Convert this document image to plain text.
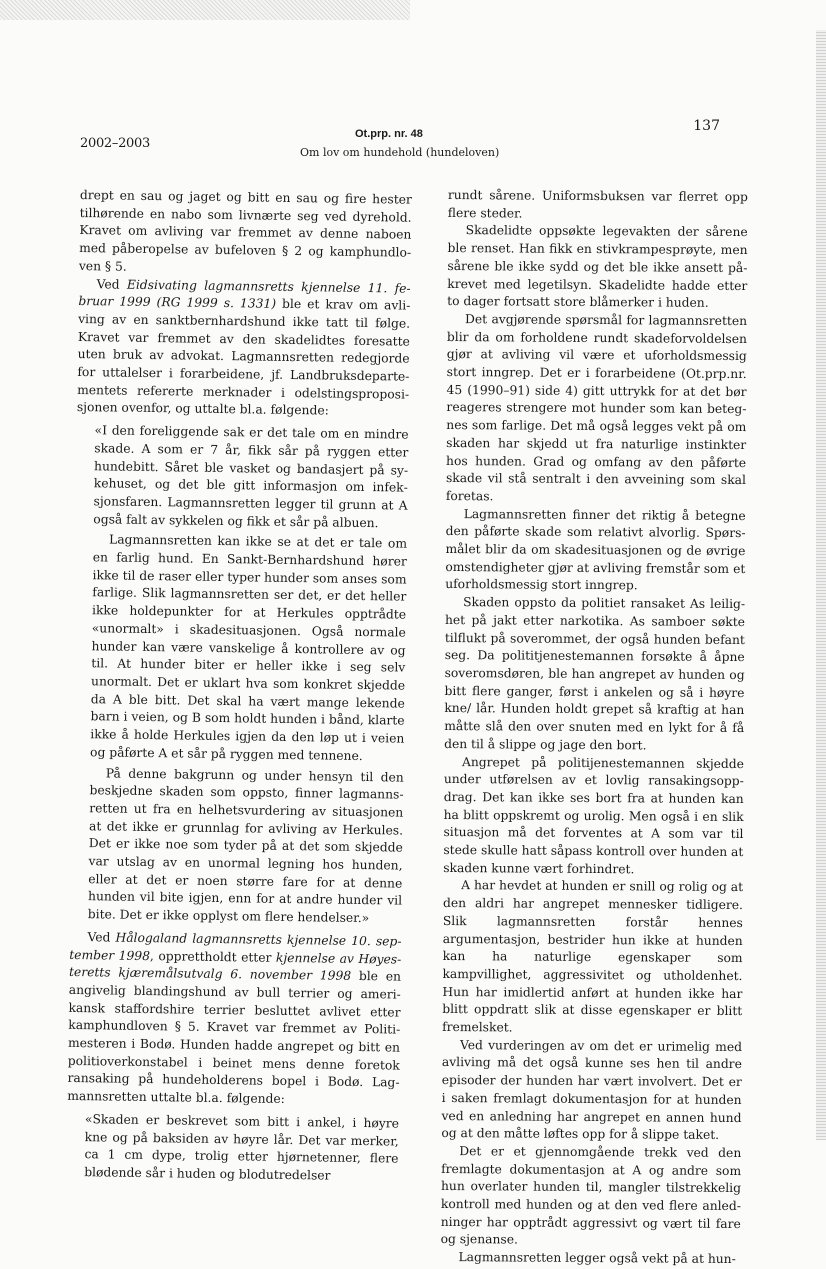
2002–2003
Ot.prp. nr. 48
Om lov om hundehold (hundeloven)
137

drept en sau og jaget og bitt en sau og fire hester tilhørende en nabo som livnærte seg ved dyrehold. Kravet om avliving var fremmet av denne naboen med påberopelse av bufeloven § 2 og kamphundloven § 5.

Ved Eidsivating lagmannsretts kjennelse 11. februar 1999 (RG 1999 s. 1331) ble et krav om avliving av en sanktbernhardshund ikke tatt til følge. Kravet var fremmet av den skadelidtes foresatte uten bruk av advokat. Lagmannsretten redegjorde for uttalelser i forarbeidene, jf. Landbruksdepartementets refererte merknader i odelstingsproposisjonen ovenfor, og uttalte bl.a. følgende:

«I den foreliggende sak er det tale om en mindre skade. A som er 7 år, fikk sår på ryggen etter hundebitt. Såret ble vasket og bandasjert på sykehuset, og det ble gitt informasjon om infeksjonsfaren. Lagmannsretten legger til grunn at A også falt av sykkelen og fikk et sår på albuen.

Lagmannsretten kan ikke se at det er tale om en farlig hund. En Sankt-Bernhardshund hører ikke til de raser eller typer hunder som anses som farlige. Slik lagmannsretten ser det, er det heller ikke holdepunkter for at Herkules opptrådte «unormalt» i skadesituasjonen. Også normale hunder kan være vanskelige å kontrollere av og til. At hunder biter er heller ikke i seg selv unormalt. Det er uklart hva som konkret skjedde da A ble bitt. Det skal ha vært mange lekende barn i veien, og B som holdt hunden i bånd, klarte ikke å holde Herkules igjen da den løp ut i veien og påførte A et sår på ryggen med tennene.

På denne bakgrunn og under hensyn til den beskjedne skaden som oppsto, finner lagmannsretten ut fra en helhetsvurdering av situasjonen at det ikke er grunnlag for avliving av Herkules. Det er ikke noe som tyder på at det som skjedde var utslag av en unormal legning hos hunden, eller at det er noen større fare for at denne hunden vil bite igjen, enn for at andre hunder vil bite. Det er ikke opplyst om flere hendelser.»

Ved Hålogaland lagmannsretts kjennelse 10. september 1998, opprettholdt etter kjennelse av Høyesteretts kjæremålsutvalg 6. november 1998 ble en angivelig blandingshund av bull terrier og amerikansk staffordshire terrier besluttet avlivet etter kamphundloven § 5. Kravet var fremmet av Politimesteren i Bodø. Hunden hadde angrepet og bitt en politioverkonstabel i beinet mens denne foretok ransaking på hundeholderens bopel i Bodø. Lagmannsretten uttalte bl.a. følgende:

«Skaden er beskrevet som bitt i ankel, i høyre kne og på baksiden av høyre lår. Det var merker, ca 1 cm dype, trolig etter hjørnetenner, flere blødende sår i huden og blodutredelser

rundt sårene. Uniformsbuksen var flerret opp flere steder.

Skadelidte oppsøkte legevakten der sårene ble renset. Han fikk en stivkrampesprøyte, men sårene ble ikke sydd og det ble ikke ansett påkrevet med legetilsyn. Skadelidte hadde etter to dager fortsatt store blåmerker i huden.

Det avgjørende spørsmål for lagmannsretten blir da om forholdene rundt skadeforvoldelsen gjør at avliving vil være et uforholdsmessig stort inngrep. Det er i forarbeidene (Ot.prp.nr. 45 (1990–91) side 4) gitt uttrykk for at det bør reageres strengere mot hunder som kan betegnes som farlige. Det må også legges vekt på om skaden har skjedd ut fra naturlige instinkter hos hunden. Grad og omfang av den påførte skade vil stå sentralt i den avveining som skal foretas.

Lagmannsretten finner det riktig å betegne den påførte skade som relativt alvorlig. Spørsmålet blir da om skadesituasjonen og de øvrige omstendigheter gjør at avliving fremstår som et uforholdsmessig stort inngrep.

Skaden oppsto da politiet ransaket As leilighet på jakt etter narkotika. As samboer søkte tilflukt på soverommet, der også hunden befant seg. Da polititjenestemannen forsøkte å åpne soveromsdøren, ble han angrepet av hunden og bitt flere ganger, først i ankelen og så i høyre kne/ lår. Hunden holdt grepet så kraftig at han måtte slå den over snuten med en lykt for å få den til å slippe og jage den bort.

Angrepet på politijenestemannen skjedde under utførelsen av et lovlig ransakingsoppdrag. Det kan ikke ses bort fra at hunden kan ha blitt oppskremt og urolig. Men også i en slik situasjon må det forventes at A som var til stede skulle hatt såpass kontroll over hunden at skaden kunne vært forhindret.

A har hevdet at hunden er snill og rolig og at den aldri har angrepet mennesker tidligere. Slik lagmannsretten forstår hennes argumentasjon, bestrider hun ikke at hunden kan ha naturlige egenskaper som kampvillighet, aggressivitet og utholdenhet. Hun har imidlertid anført at hunden ikke har blitt oppdratt slik at disse egenskaper er blitt fremelsket.

Ved vurderingen av om det er urimelig med avliving må det også kunne ses hen til andre episoder der hunden har vært involvert. Det er i saken fremlagt dokumentasjon for at hunden ved en anledning har angrepet en annen hund og at den måtte løftes opp for å slippe taket.

Det er et gjennomgående trekk ved den fremlagte dokumentasjon at A og andre som hun overlater hunden til, mangler tilstrekkelig kontroll med hunden og at den ved flere anledninger har opptrådt aggressivt og vært til fare og sjenanse.

Lagmannsretten legger også vekt på at hun-
